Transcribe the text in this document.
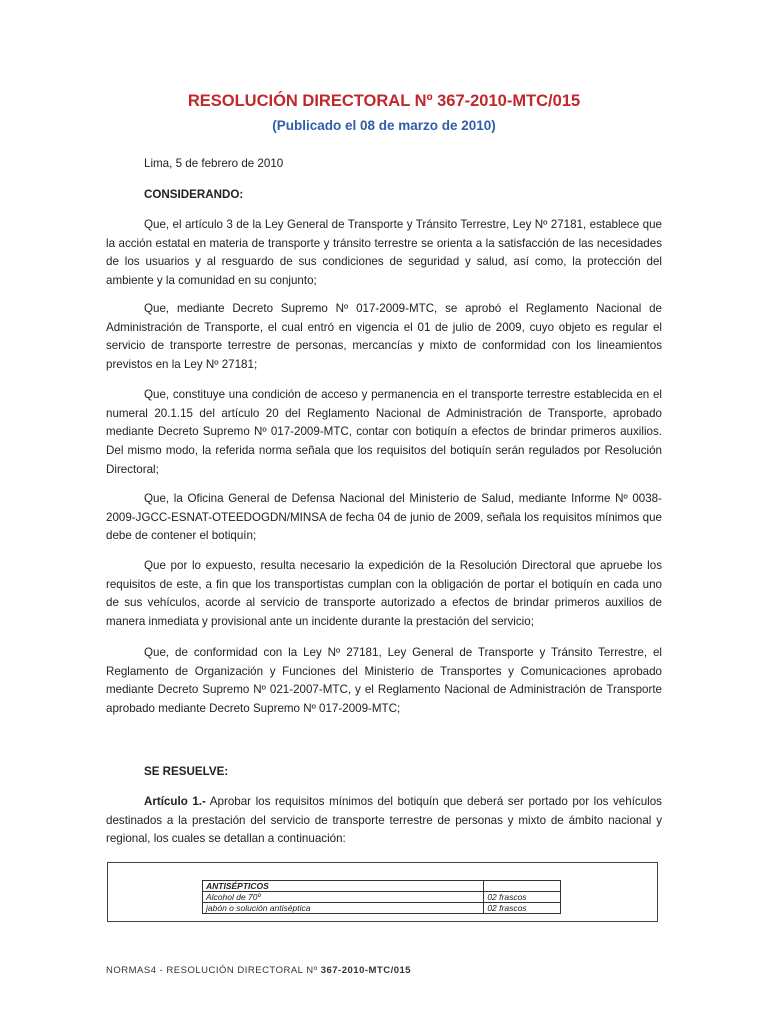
RESOLUCIÓN DIRECTORAL Nº 367-2010-MTC/015
(Publicado el 08 de marzo de 2010)
Lima, 5 de febrero de 2010
CONSIDERANDO:

Que, el artículo 3 de la Ley General de Transporte y Tránsito Terrestre, Ley Nº 27181, establece que la acción estatal en materia de transporte y tránsito terrestre se orienta a la satisfacción de las necesidades de los usuarios y al resguardo de sus condiciones de seguridad y salud, así como, la protección del ambiente y la comunidad en su conjunto;

Que, mediante Decreto Supremo Nº 017-2009-MTC, se aprobó el Reglamento Nacional de Administración de Transporte, el cual entró en vigencia el 01 de julio de 2009, cuyo objeto es regular el servicio de transporte terrestre de personas, mercancías y mixto de conformidad con los lineamientos previstos en la Ley Nº 27181;

Que, constituye una condición de acceso y permanencia en el transporte terrestre establecida en el numeral 20.1.15 del artículo 20 del Reglamento Nacional de Administración de Transporte, aprobado mediante Decreto Supremo Nº 017-2009-MTC, contar con botiquín a efectos de brindar primeros auxilios. Del mismo modo, la referida norma señala que los requisitos del botiquín serán regulados por Resolución Directoral;

Que, la Oficina General de Defensa Nacional del Ministerio de Salud, mediante Informe Nº 0038-2009-JGCC-ESNAT-OTEEDOGDN/MINSA de fecha 04 de junio de 2009, señala los requisitos mínimos que debe de contener el botiquín;

Que por lo expuesto, resulta necesario la expedición de la Resolución Directoral que apruebe los requisitos de este, a fin que los transportistas cumplan con la obligación de portar el botiquín en cada uno de sus vehículos, acorde al servicio de transporte autorizado a efectos de brindar primeros auxilios de manera inmediata y provisional ante un incidente durante la prestación del servicio;

Que, de conformidad con la Ley Nº 27181, Ley General de Transporte y Tránsito Terrestre, el Reglamento de Organización y Funciones del Ministerio de Transportes y Comunicaciones aprobado mediante Decreto Supremo Nº 021-2007-MTC, y el Reglamento Nacional de Administración de Transporte aprobado mediante Decreto Supremo Nº 017-2009-MTC;

SE RESUELVE:

Artículo 1.- Aprobar los requisitos mínimos del botiquín que deberá ser portado por los vehículos destinados a la prestación del servicio de transporte terrestre de personas y mixto de ámbito nacional y regional, los cuales se detallan a continuación:

ANTISÉPTICOS	
Alcohol de 70º	02 frascos
jabón o solución antiséptica	02 frascos
NORMAS4 - RESOLUCIÓN DIRECTORAL Nº 367-2010-MTC/015
